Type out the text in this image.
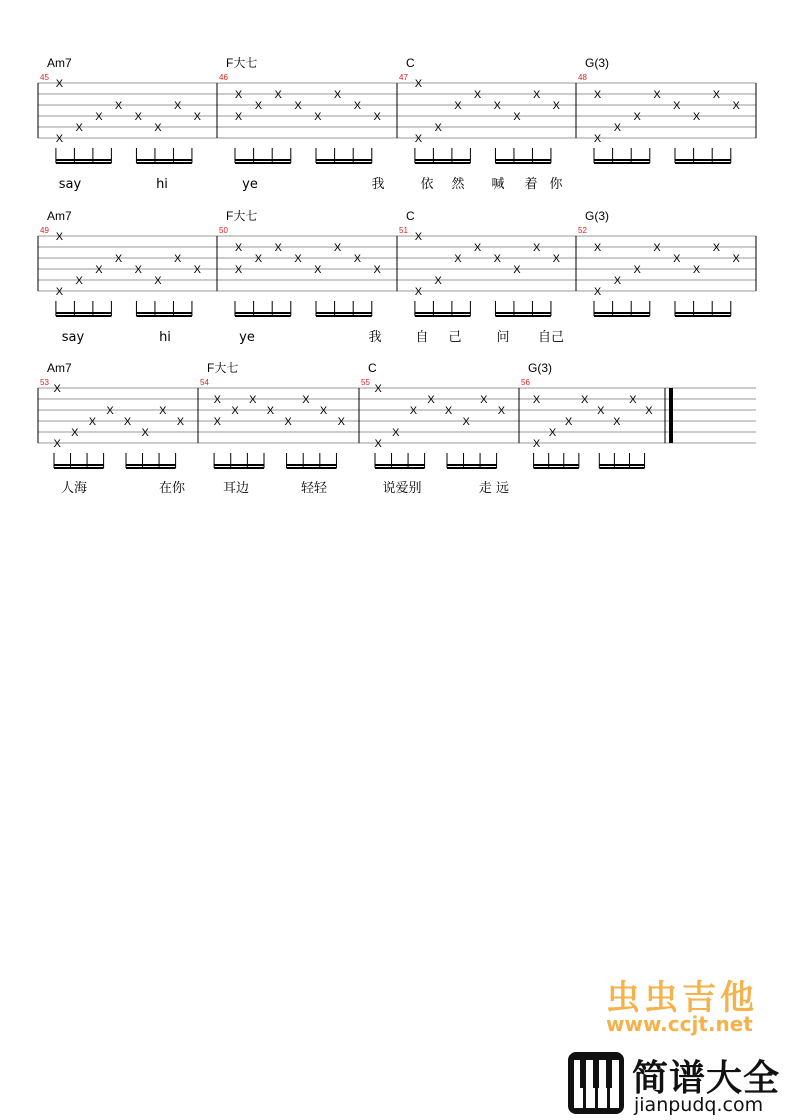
Am7
45
X
X
X
X
X
X
X
X
X
F大七
46
X
X
X
X
X
X
X
X
X
C
47
X
X
X
X
X
X
X
X
X
G(3)
48
X
X
X
X
X
X
X
X
X
say	hi	ye	我	依 然 喊 着 你
Am7
49
X
X
X
X
X
X
X
X
X
F大七
50
X
X
X
X
X
X
X
X
X
C
51
X
X
X
X
X
X
X
X
X
G(3)
52
X
X
X
X
X
X
X
X
X
say	hi	ye	我	自 己	问 自己
Am7
53
X
X
X
X
X
X
X
X
X
F大七
54
X
X
X
X
X
X
X
X
X
C
55
X
X
X
X
X
X
X
X
X
G(3)
56
X
X
X
X
X
X
X
X
X
人海	在你	耳边	轻轻	说爱别	走 远
虫虫吉他
www.ccjt.net
简谱大全
jianpudq.com
